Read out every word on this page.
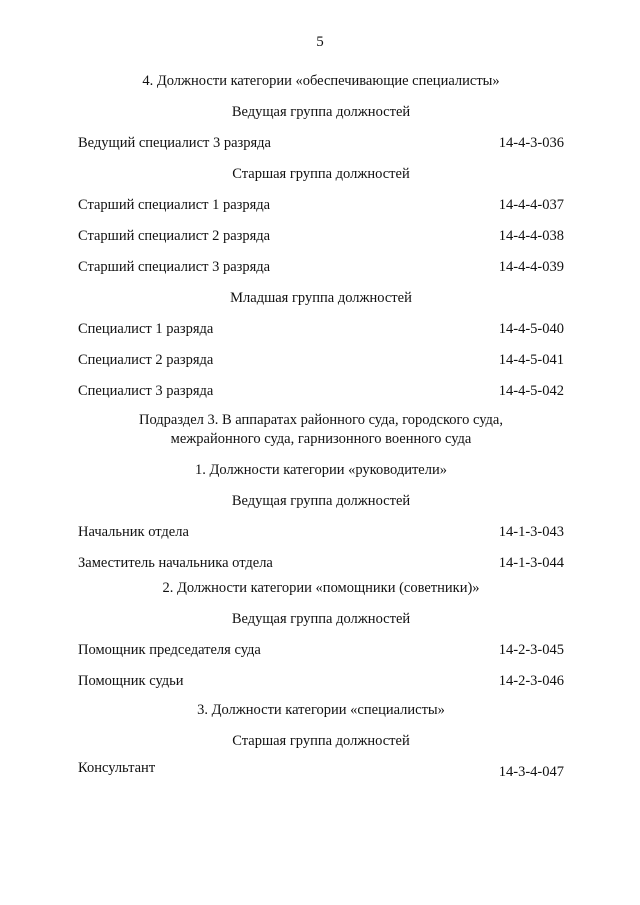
5
4. Должности категории «обеспечивающие специалисты»
Ведущая группа должностей
Ведущий специалист 3 разряда	14-4-3-036
Старшая группа должностей
Старший специалист 1 разряда	14-4-4-037
Старший специалист 2 разряда	14-4-4-038
Старший специалист 3 разряда	14-4-4-039
Младшая группа должностей
Специалист 1 разряда	14-4-5-040
Специалист 2 разряда	14-4-5-041
Специалист 3 разряда	14-4-5-042
Подраздел 3. В аппаратах районного суда, городского суда,
межрайонного суда, гарнизонного военного суда
1. Должности категории «руководители»
Ведущая группа должностей
Начальник отдела	14-1-3-043
Заместитель начальника отдела	14-1-3-044
2. Должности категории «помощники (советники)»
Ведущая группа должностей
Помощник председателя суда	14-2-3-045
Помощник судьи	14-2-3-046
3. Должности категории «специалисты»
Старшая группа должностей
Консультант	14-3-4-047
